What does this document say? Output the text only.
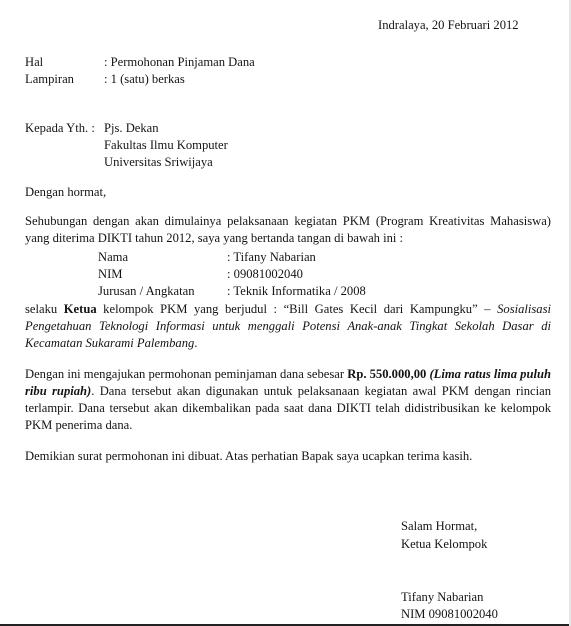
Indralaya, 20 Februari 2012
Hal	: Permohonan Pinjaman Dana
Lampiran : 1 (satu) berkas
Kepada Yth. : Pjs. Dekan
Fakultas Ilmu Komputer
Universitas Sriwijaya
Dengan hormat,
Sehubungan dengan akan dimulainya pelaksanaan kegiatan PKM (Program Kreativitas Mahasiswa) yang diterima DIKTI tahun 2012, saya yang bertanda tangan di bawah ini :
Nama	: Tifany Nabarian
NIM	: 09081002040
Jurusan / Angkatan	: Teknik Informatika / 2008
selaku Ketua kelompok PKM yang berjudul : “Bill Gates Kecil dari Kampungku” – Sosialisasi Pengetahuan Teknologi Informasi untuk menggali Potensi Anak-anak Tingkat Sekolah Dasar di Kecamatan Sukarami Palembang.
Dengan ini mengajukan permohonan peminjaman dana sebesar Rp. 550.000,00 (Lima ratus lima puluh ribu rupiah). Dana tersebut akan digunakan untuk pelaksanaan kegiatan awal PKM dengan rincian terlampir. Dana tersebut akan dikembalikan pada saat dana DIKTI telah didistribusikan ke kelompok PKM penerima dana.
Demikian surat permohonan ini dibuat. Atas perhatian Bapak saya ucapkan terima kasih.
Salam Hormat,
Ketua Kelompok
Tifany Nabarian
NIM 09081002040
